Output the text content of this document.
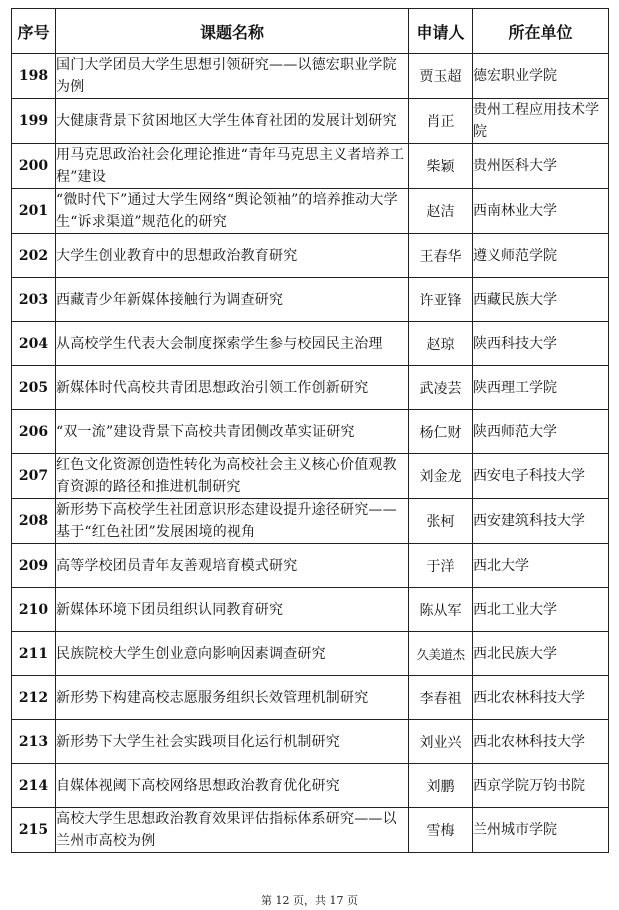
序号	课题名称	申请人	所在单位
198	国门大学团员大学生思想引领研究——以德宏职业学院为例	贾玉超	德宏职业学院
199	大健康背景下贫困地区大学生体育社团的发展计划研究	肖正	贵州工程应用技术学院
200	用马克思政治社会化理论推进“青年马克思主义者培养工程”建设	柴颖	贵州医科大学
201	“微时代下”通过大学生网络“舆论领袖”的培养推动大学生“诉求渠道”规范化的研究	赵洁	西南林业大学
202	大学生创业教育中的思想政治教育研究	王春华	遵义师范学院
203	西藏青少年新媒体接触行为调查研究	许亚锋	西藏民族大学
204	从高校学生代表大会制度探索学生参与校园民主治理	赵琼	陕西科技大学
205	新媒体时代高校共青团思想政治引领工作创新研究	武凌芸	陕西理工学院
206	“双一流”建设背景下高校共青团侧改革实证研究	杨仁财	陕西师范大学
207	红色文化资源创造性转化为高校社会主义核心价值观教育资源的路径和推进机制研究	刘金龙	西安电子科技大学
208	新形势下高校学生社团意识形态建设提升途径研究——基于“红色社团”发展困境的视角	张柯	西安建筑科技大学
209	高等学校团员青年友善观培育模式研究	于洋	西北大学
210	新媒体环境下团员组织认同教育研究	陈从军	西北工业大学
211	民族院校大学生创业意向影响因素调查研究	久美道杰	西北民族大学
212	新形势下构建高校志愿服务组织长效管理机制研究	李春祖	西北农林科技大学
213	新形势下大学生社会实践项目化运行机制研究	刘业兴	西北农林科技大学
214	自媒体视阈下高校网络思想政治教育优化研究	刘鹏	西京学院万钧书院
215	高校大学生思想政治教育效果评估指标体系研究——以兰州市高校为例	雪梅	兰州城市学院
第 12 页，共 17 页
